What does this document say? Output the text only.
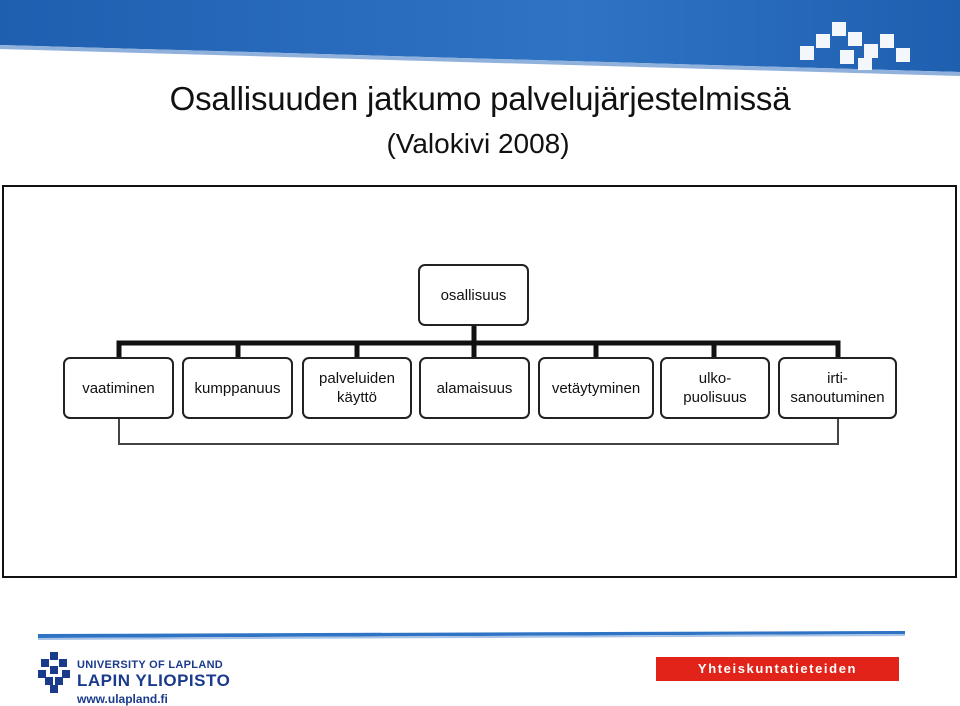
Osallisuuden jatkumo palvelujärjestelmissä
(Valokivi 2008)
osallisuus
vaatiminen	kumppanuus
palveluiden
käyttö
alamaisuus	vetäytyminen
ulko-
puolisuus
irti-
sanoutuminen
UNIVERSITY OF LAPLAND
LAPIN YLIOPISTO
www.ulapland.fi
Yhteiskuntatieteiden tiedekunta
